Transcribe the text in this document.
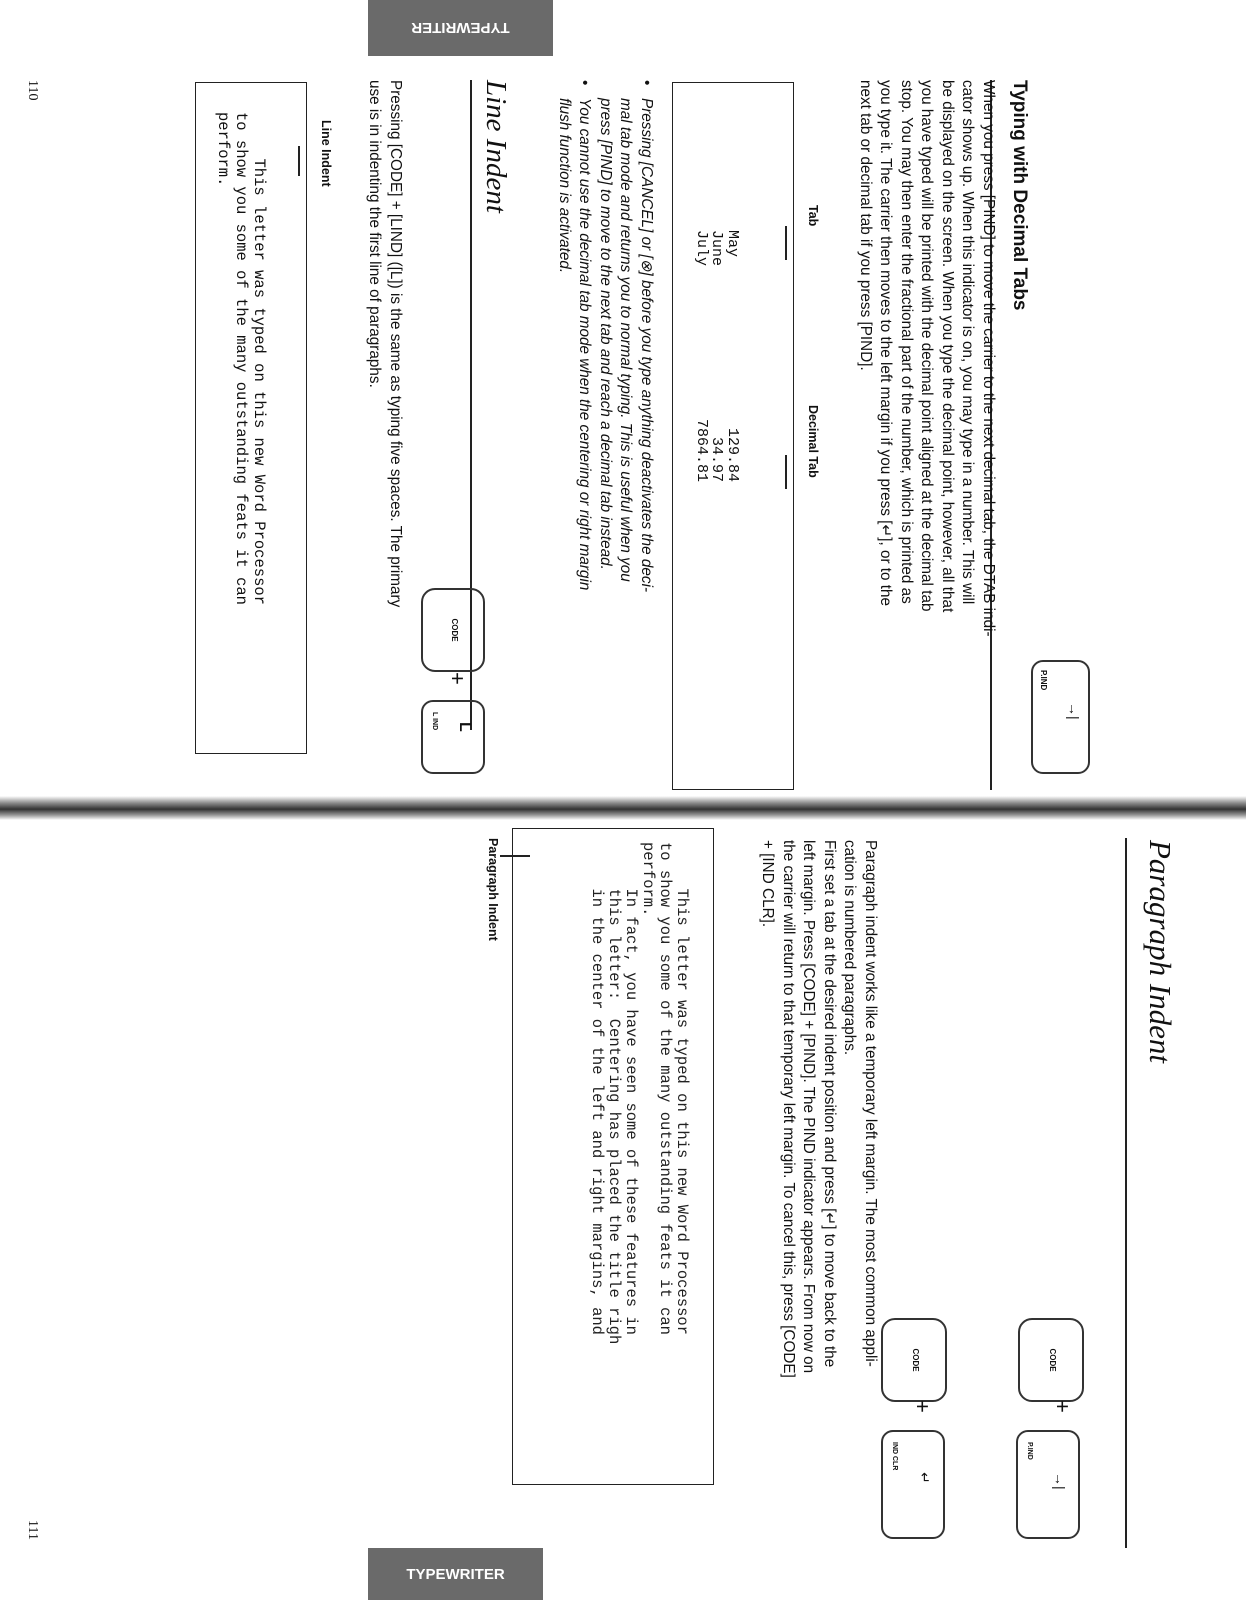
TYPEWRITER
110	Typing with Decimal Tabs
When you press [PIND] to move the carrier to the next decimal tab, the DTAB indi-
cator shows up. When this indicator is on, you may type in a number. This will
be displayed on the screen. When you type the decimal point, however, all that
you have typed will be printed with the decimal point aligned at the decimal tab
stop. You may then enter the fractional part of the number, which is printed as
you type it. The carrier then moves to the left margin if you press [↵], or to the
next tab or decimal tab if you press [PIND].
P.IND
→|
Tab
Decimal Tab
May                   129.84
June                   34.97
July                 7864.81
•
Pressing [CANCEL] or [⊗] before you type anything deactivates the deci-
mal tab mode and returns you to normal typing. This is useful when you
press [PIND] to move to the next tab and reach a decimal tab instead.
•
You cannot use the decimal tab mode when the centering or right margin
flush function is activated.
Line Indent
CODE
+
L
L IND
Pressing [CODE] + [LIND] ([L]) is the same as typing five spaces. The primary
use is in indenting the first line of paragraphs.
Line Indent
This letter was typed on this new Word Processor
to show you some of the many outstanding feats it can
perform.
Paragraph Indent
Paragraph indent works like a temporary left margin. The most common appli-
cation is numbered paragraphs.
First set a tab at the desired indent position and press [↵] to move back to the
left margin. Press [CODE] + [PIND]. The PIND indicator appears. From now on
the carrier will return to that temporary left margin. To cancel this, press [CODE]
+ [IND CLR].
CODE
+
P.IND
→|
CODE
+
IND CLR
↵
Paragraph Indent	This letter was typed on this new Word Processor
to show you some of the many outstanding feats it can
perform.
In fact, you have seen some of these features in
this letter:  Centering has placed the title righ
in the center of the left and right margins, and
111
TYPEWRITER
